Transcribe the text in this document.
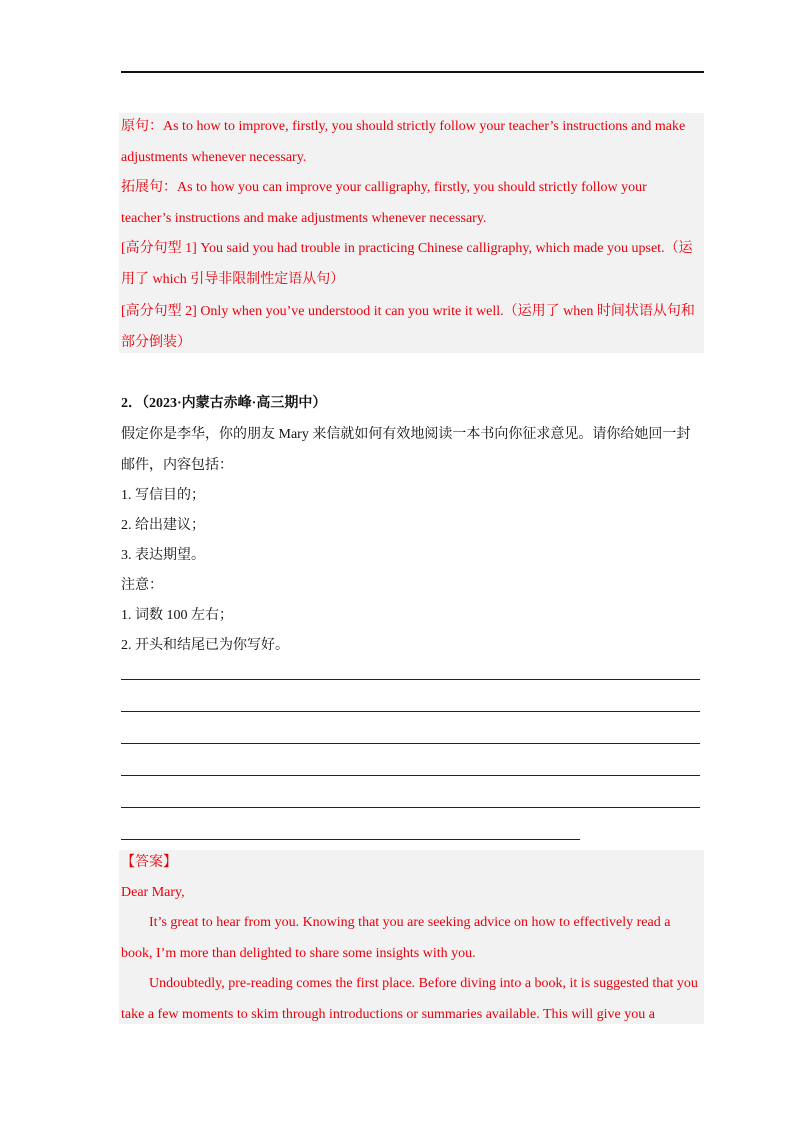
原句：As to how to improve, firstly, you should strictly follow your teacher’s instructions and make
adjustments whenever necessary.
拓展句：As to how you can improve your calligraphy, firstly, you should strictly follow your
teacher’s instructions and make adjustments whenever necessary.
[高分句型 1] You said you had trouble in practicing Chinese calligraphy, which made you upset.（运
用了 which 引导非限制性定语从句）
[高分句型 2] Only when you’ve understood it can you write it well.（运用了 when 时间状语从句和
部分倒装）
2．（2023·内蒙古赤峰·高三期中）
假定你是李华，你的朋友 Mary 来信就如何有效地阅读一本书向你征求意见。请你给她回一封
邮件，内容包括：
1. 写信目的；
2. 给出建议；
3. 表达期望。
注意：
1. 词数 100 左右；
2. 开头和结尾已为你写好。
【答案】
Dear Mary,
It’s great to hear from you. Knowing that you are seeking advice on how to effectively read a
book, I’m more than delighted to share some insights with you.
Undoubtedly, pre-reading comes the first place. Before diving into a book, it is suggested that you
take a few moments to skim through introductions or summaries available. This will give you a
